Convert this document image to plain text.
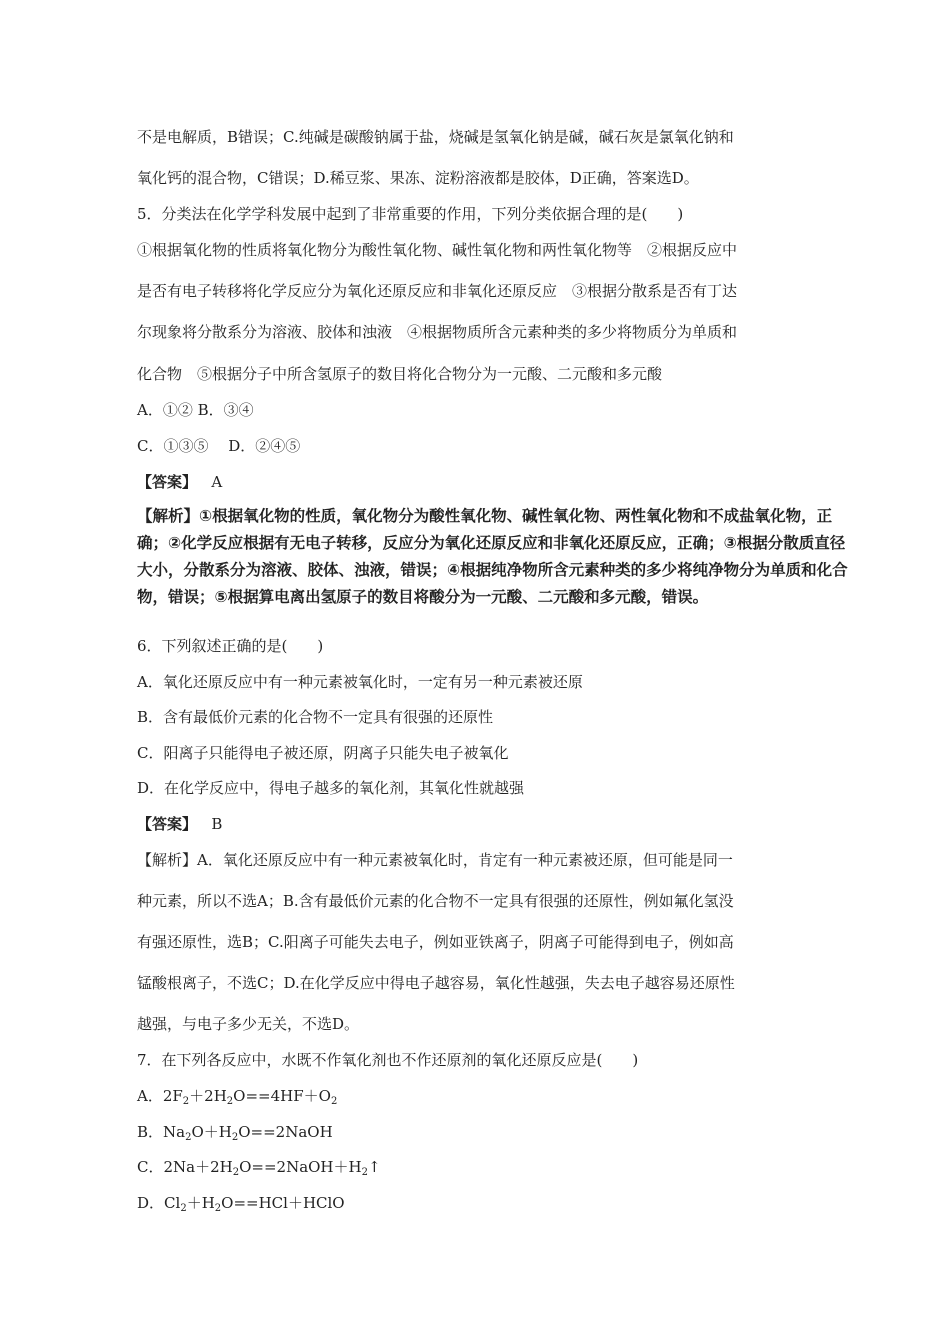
不是电解质，B错误；C.纯碱是碳酸钠属于盐，烧碱是氢氧化钠是碱，碱石灰是氯氧化钠和
氧化钙的混合物，C错误；D.稀豆浆、果冻、淀粉溶液都是胶体，D正确，答案选D。
5．分类法在化学学科发展中起到了非常重要的作用，下列分类依据合理的是(　　)
①根据氧化物的性质将氧化物分为酸性氧化物、碱性氧化物和两性氧化物等　②根据反应中
是否有电子转移将化学反应分为氧化还原反应和非氧化还原反应　③根据分散系是否有丁达
尔现象将分散系分为溶液、胶体和浊液　④根据物质所含元素种类的多少将物质分为单质和
化合物　⑤根据分子中所含氢原子的数目将化合物分为一元酸、二元酸和多元酸
A．①② B．③④
C．①③⑤　 D．②④⑤
【答案】 A
【解析】①根据氧化物的性质，氧化物分为酸性氧化物、碱性氧化物、两性氧化物和不成盐氧化物，正
确；②化学反应根据有无电子转移，反应分为氧化还原反应和非氧化还原反应，正确；③根据分散质直径
大小，分散系分为溶液、胶体、浊液，错误；④根据纯净物所含元素种类的多少将纯净物分为单质和化合
物，错误；⑤根据算电离出氢原子的数目将酸分为一元酸、二元酸和多元酸，错误。
6．下列叙述正确的是(　　)
A．氧化还原反应中有一种元素被氧化时，一定有另一种元素被还原
B．含有最低价元素的化合物不一定具有很强的还原性
C．阳离子只能得电子被还原，阴离子只能失电子被氧化
D．在化学反应中，得电子越多的氧化剂，其氧化性就越强
【答案】 B
【解析】A．氧化还原反应中有一种元素被氧化时，肯定有一种元素被还原，但可能是同一
种元素，所以不选A；B.含有最低价元素的化合物不一定具有很强的还原性，例如氟化氢没
有强还原性，选B；C.阳离子可能失去电子，例如亚铁离子，阴离子可能得到电子，例如高
锰酸根离子，不选C；D.在化学反应中得电子越容易，氧化性越强，失去电子越容易还原性
越强，与电子多少无关，不选D。
7．在下列各反应中，水既不作氧化剂也不作还原剂的氧化还原反应是(　　)
A．$2F_2+2H_2O==4HF+O_2$
B．$Na_2O+H_2O==2NaOH$
C．$2Na+2H_2O==2NaOH+H_2↑$
D．$Cl_2+H_2O==HCl+HClO$
